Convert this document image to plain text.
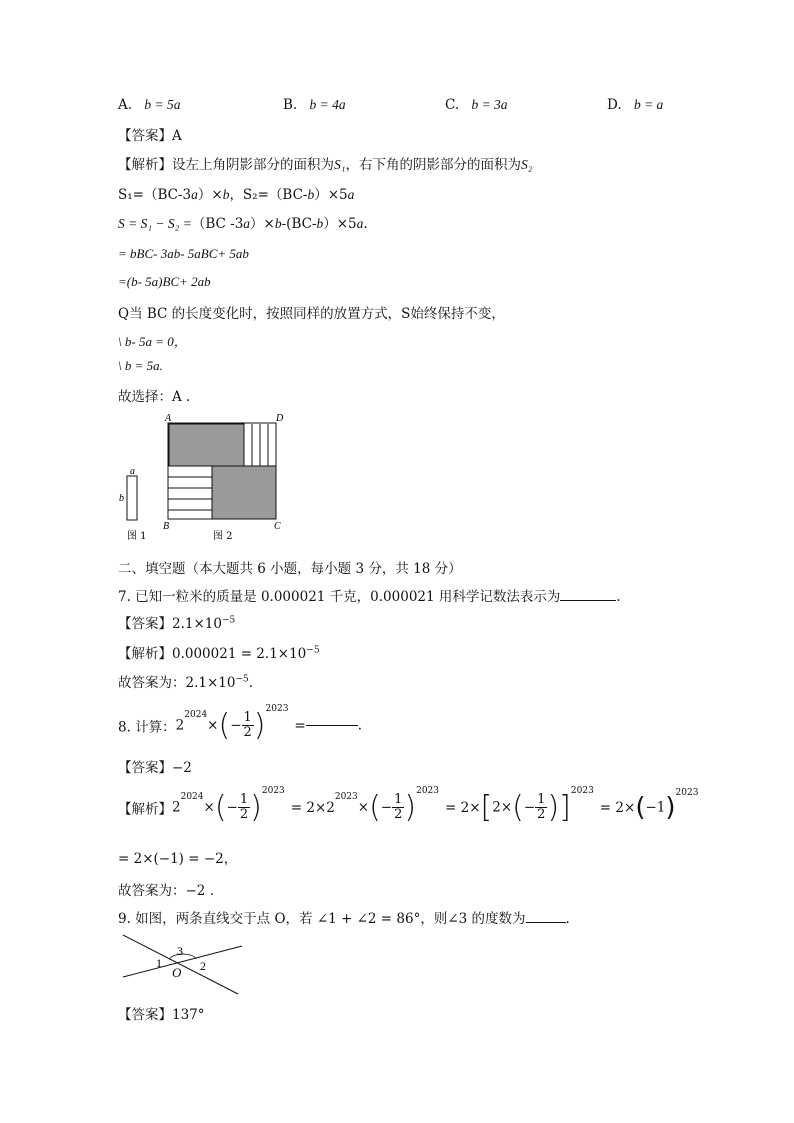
A. b = 5a	B. b = 4a	C. b = 3a	D. b = a
【答案】A
【解析】设左上角阴影部分的面积为S₁，右下角的阴影部分的面积为S₂
S₁=（BC-3a）×b，S₂=（BC-b）×5a
S = S₁ − S₂ =（BC -3a）×b-(BC-b）×5a.
= bBC- 3ab- 5aBC+ 5ab
=(b- 5a)BC+ 2ab
Q当 BC 的长度变化时，按照同样的放置方式，S始终保持不变，
\ b- 5a = 0，
\ b = 5a.
故选择：A .
a
b
图 1
A	D
B	C
图 2
二、填空题（本大题共 6 小题，每小题 3 分，共 18 分）
7. 已知一粒米的质量是 0.000021 千克，0.000021 用科学记数法表示为	.
【答案】$2.1\times 10^{-5}$
【解析】$0.000021 = 2.1\times 10^{-5}$
故答案为：$2.1\times 10^{-5}$.
8. 计算：$2^{2024}\times(- \frac{1}{2} )^{2023}=$	.
【答案】−2
【解析】$2^{2024}\times(- \frac{1}{2} )^{2023}= 2\times 2^{2023}\times(- \frac{1}{2} )^{2023}= 2\times[2\times(- \frac{1}{2} )]^{2023}= 2\times(-1)^{2023}$
= 2×(−1) = −2，
故答案为：−2 .
9. 如图，两条直线交于点 O，若 ∠1 + ∠2 = 86°，则∠3 的度数为	.
3
1	2
O
【答案】137°
